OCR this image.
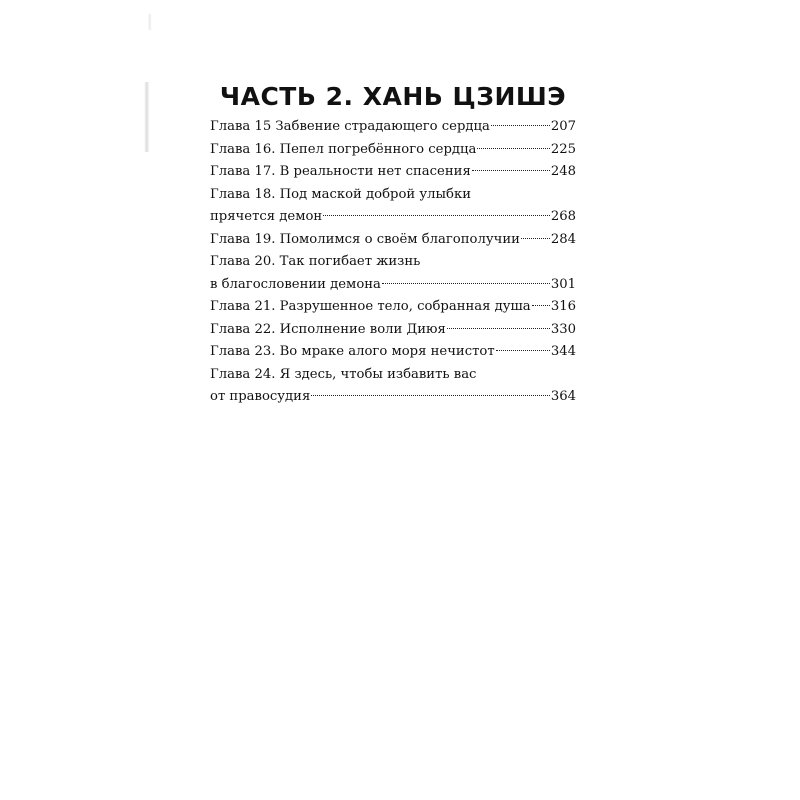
ЧАСТЬ 2. ХАНЬ ЦЗИШЭ
Глава 15 Забвение страдающего сердца	207
Глава 16. Пепел погребённого сердца	225
Глава 17. В реальности нет спасения	248
Глава 18. Под маской доброй улыбки
прячется демон	268
Глава 19. Помолимся о своём благополучии 284
Глава 20. Так погибает жизнь
в благословении демона	301
Глава 21. Разрушенное тело, собранная душа 316
Глава 22. Исполнение воли Диюя	330
Глава 23. Во мраке алого моря нечистот	344
Глава 24. Я здесь, чтобы избавить вас
от правосудия	364
